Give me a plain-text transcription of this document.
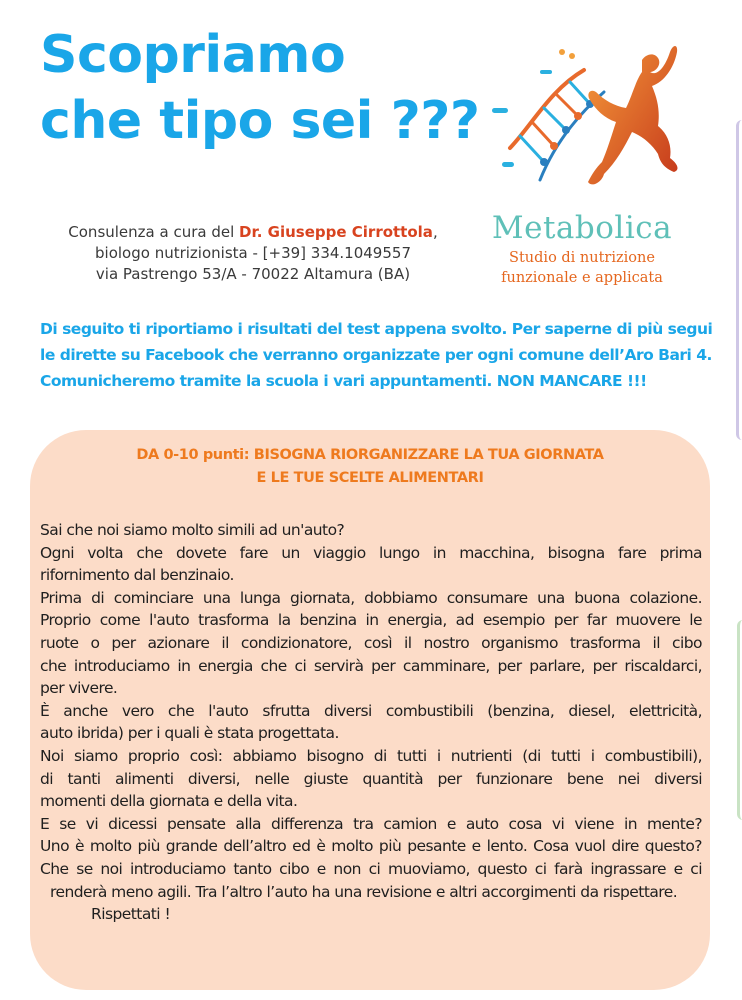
Scopriamo
che tipo sei ???
Metabolica
Studio di nutrizione
funzionale e applicata
Consulenza a cura del Dr. Giuseppe Cirrottola,
biologo nutrizionista - [+39] 334.1049557
via Pastrengo 53/A - 70022 Altamura (BA)

Di seguito ti riportiamo i risultati del test appena svolto. Per saperne di più segui
le dirette su Facebook che verranno organizzate per ogni comune dell’Aro Bari 4.
Comunicheremo tramite la scuola i vari appuntamenti. NON MANCARE !!!

DA 0-10 punti: BISOGNA RIORGANIZZARE LA TUA GIORNATA
E LE TUE SCELTE ALIMENTARI
Sai che noi siamo molto simili ad un'auto?
Ogni volta che dovete fare un viaggio lungo in macchina, bisogna fare prima
rifornimento dal benzinaio.
Prima di cominciare una lunga giornata, dobbiamo consumare una buona colazione.
Proprio come l'auto trasforma la benzina in energia, ad esempio per far muovere le
ruote o per azionare il condizionatore, così il nostro organismo trasforma il cibo
che introduciamo in energia che ci servirà per camminare, per parlare, per riscaldarci,
per vivere.
È anche vero che l'auto sfrutta diversi combustibili (benzina, diesel, elettricità,
auto ibrida) per i quali è stata progettata.
Noi siamo proprio così: abbiamo bisogno di tutti i nutrienti (di tutti i combustibili),
di tanti alimenti diversi, nelle giuste quantità per funzionare bene nei diversi
momenti della giornata e della vita.
E se vi dicessi pensate alla differenza tra camion e auto cosa vi viene in mente?
Uno è molto più grande dell’altro ed è molto più pesante e lento. Cosa vuol dire questo?
Che se noi introduciamo tanto cibo e non ci muoviamo, questo ci farà ingrassare e ci
renderà meno agili. Tra l’altro l’auto ha una revisione e altri accorgimenti da rispettare.
Rispettati !
